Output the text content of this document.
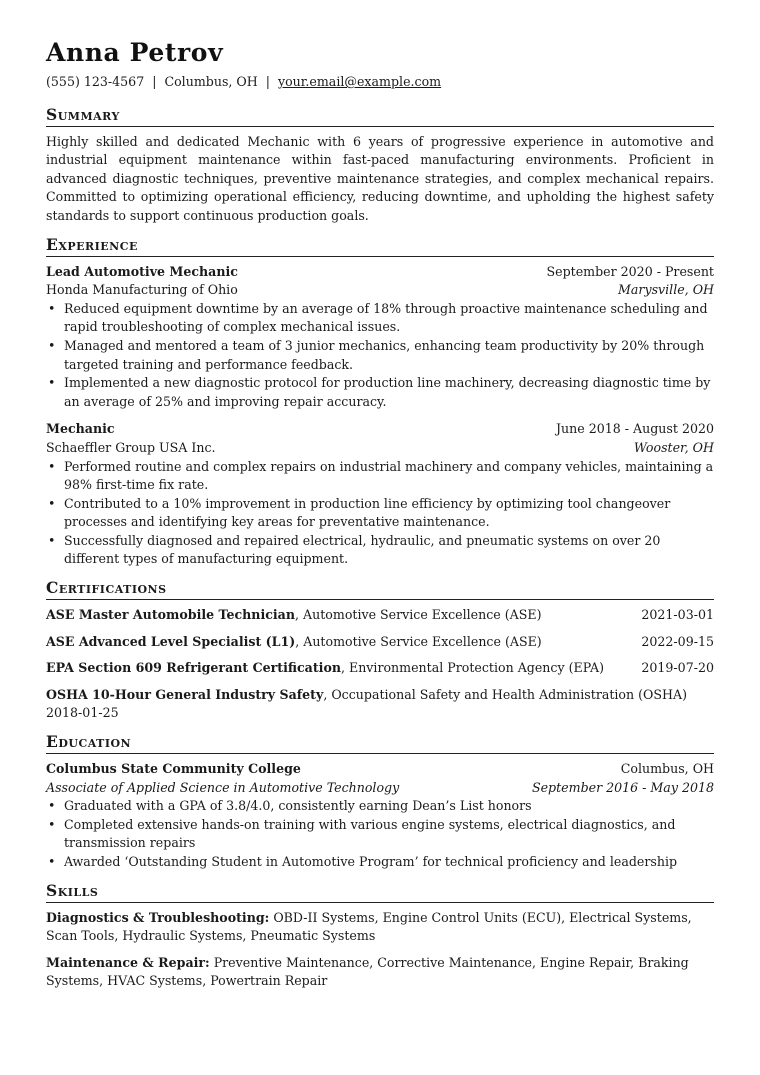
Anna Petrov
(555) 123-4567 | Columbus, OH | your.email@example.com
Summary

Highly skilled and dedicated Mechanic with 6 years of progressive experience in automotive and industrial equipment maintenance within fast-paced manufacturing environments. Proficient in advanced diagnostic techniques, preventive maintenance strategies, and complex mechanical repairs. Committed to optimizing operational efficiency, reducing downtime, and upholding the highest safety standards to support continuous production goals.

Experience
Lead Automotive Mechanic	September 2020 - Present
Honda Manufacturing of Ohio	Marysville, OH
• Reduced equipment downtime by an average of 18% through proactive maintenance scheduling and rapid troubleshooting of complex mechanical issues.
• Managed and mentored a team of 3 junior mechanics, enhancing team productivity by 20% through targeted training and performance feedback.
• Implemented a new diagnostic protocol for production line machinery, decreasing diagnostic time by an average of 25% and improving repair accuracy.
Mechanic	June 2018 - August 2020
Schaeffler Group USA Inc.	Wooster, OH
• Performed routine and complex repairs on industrial machinery and company vehicles, maintaining a 98% first-time fix rate.
• Contributed to a 10% improvement in production line efficiency by optimizing tool changeover processes and identifying key areas for preventative maintenance.
• Successfully diagnosed and repaired electrical, hydraulic, and pneumatic systems on over 20 different types of manufacturing equipment.
Certifications
ASE Master Automobile Technician, Automotive Service Excellence (ASE)	2021-03-01
ASE Advanced Level Specialist (L1), Automotive Service Excellence (ASE)	2022-09-15
EPA Section 609 Refrigerant Certification, Environmental Protection Agency (EPA)	2019-07-20
OSHA 10-Hour General Industry Safety, Occupational Safety and Health Administration (OSHA)
2018-01-25
Education
Columbus State Community College	Columbus, OH
Associate of Applied Science in Automotive Technology	September 2016 - May 2018
• Graduated with a GPA of 3.8/4.0, consistently earning Dean’s List honors
• Completed extensive hands-on training with various engine systems, electrical diagnostics, and transmission repairs
• Awarded ‘Outstanding Student in Automotive Program’ for technical proficiency and leadership
Skills
Diagnostics & Troubleshooting: OBD-II Systems, Engine Control Units (ECU), Electrical Systems, Scan Tools, Hydraulic Systems, Pneumatic Systems
Maintenance & Repair: Preventive Maintenance, Corrective Maintenance, Engine Repair, Braking Systems, HVAC Systems, Powertrain Repair
